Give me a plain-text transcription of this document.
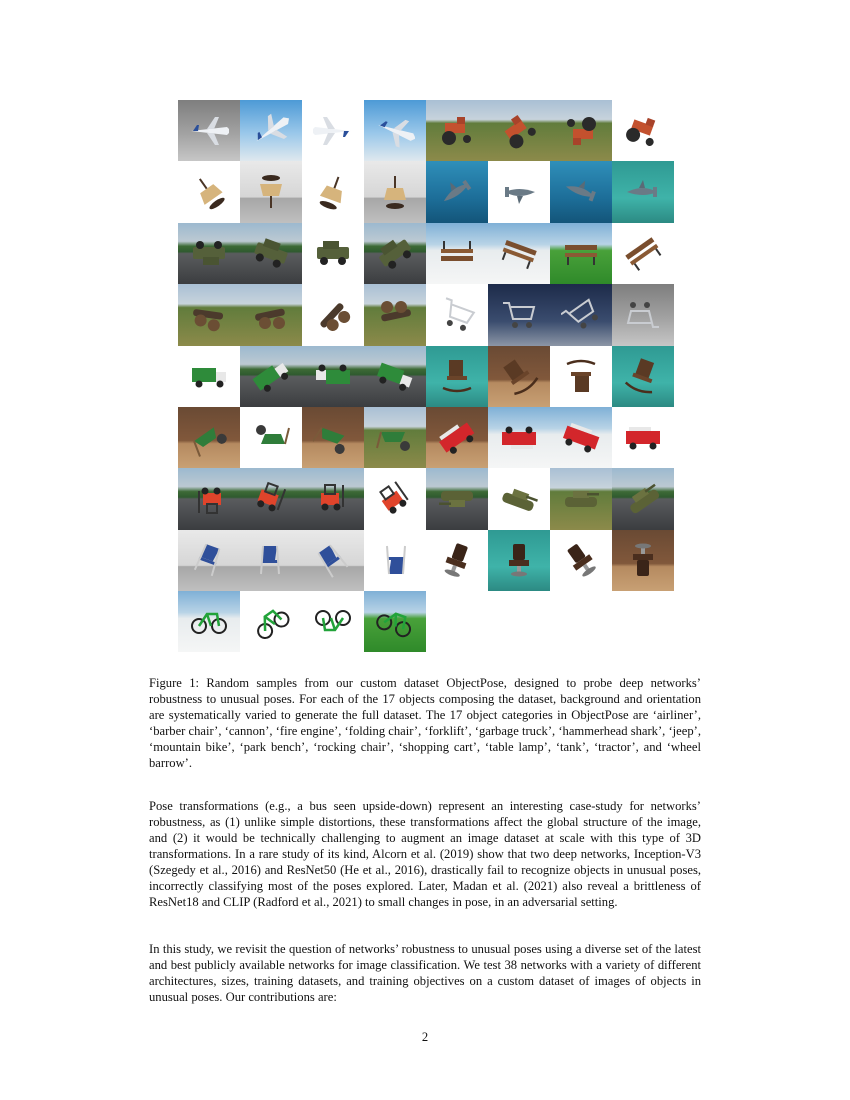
Figure 1: Random samples from our custom dataset ObjectPose, designed to probe deep networks’ robustness to unusual poses. For each of the 17 objects composing the dataset, background and orientation are systematically varied to generate the full dataset. The 17 object categories in ObjectPose are ‘airliner’, ‘barber chair’, ‘cannon’, ‘fire engine’, ‘folding chair’, ‘forklift’, ‘garbage truck’, ‘hammerhead shark’, ‘jeep’, ‘mountain bike’, ‘park bench’, ‘rocking chair’, ‘shopping cart’, ‘table lamp’, ‘tank’, ‘tractor’, and ‘wheel barrow’.

Pose transformations (e.g., a bus seen upside-down) represent an interesting case-study for networks’ robustness, as (1) unlike simple distortions, these transformations affect the global structure of the image, and (2) it would be technically challenging to augment an image dataset at scale with this type of 3D transformations. In a rare study of its kind, Alcorn et al. (2019) show that two deep networks, Inception-V3 (Szegedy et al., 2016) and ResNet50 (He et al., 2016), drastically fail to recognize objects in unusual poses, incorrectly classifying most of the poses explored. Later, Madan et al. (2021) also reveal a brittleness of ResNet18 and CLIP (Radford et al., 2021) to small changes in pose, in an adversarial setting.

In this study, we revisit the question of networks’ robustness to unusual poses using a diverse set of the latest and best publicly available networks for image classification. We test 38 networks with a variety of different architectures, sizes, training datasets, and training objectives on a custom dataset of images of objects in unusual poses. Our contributions are:

2
